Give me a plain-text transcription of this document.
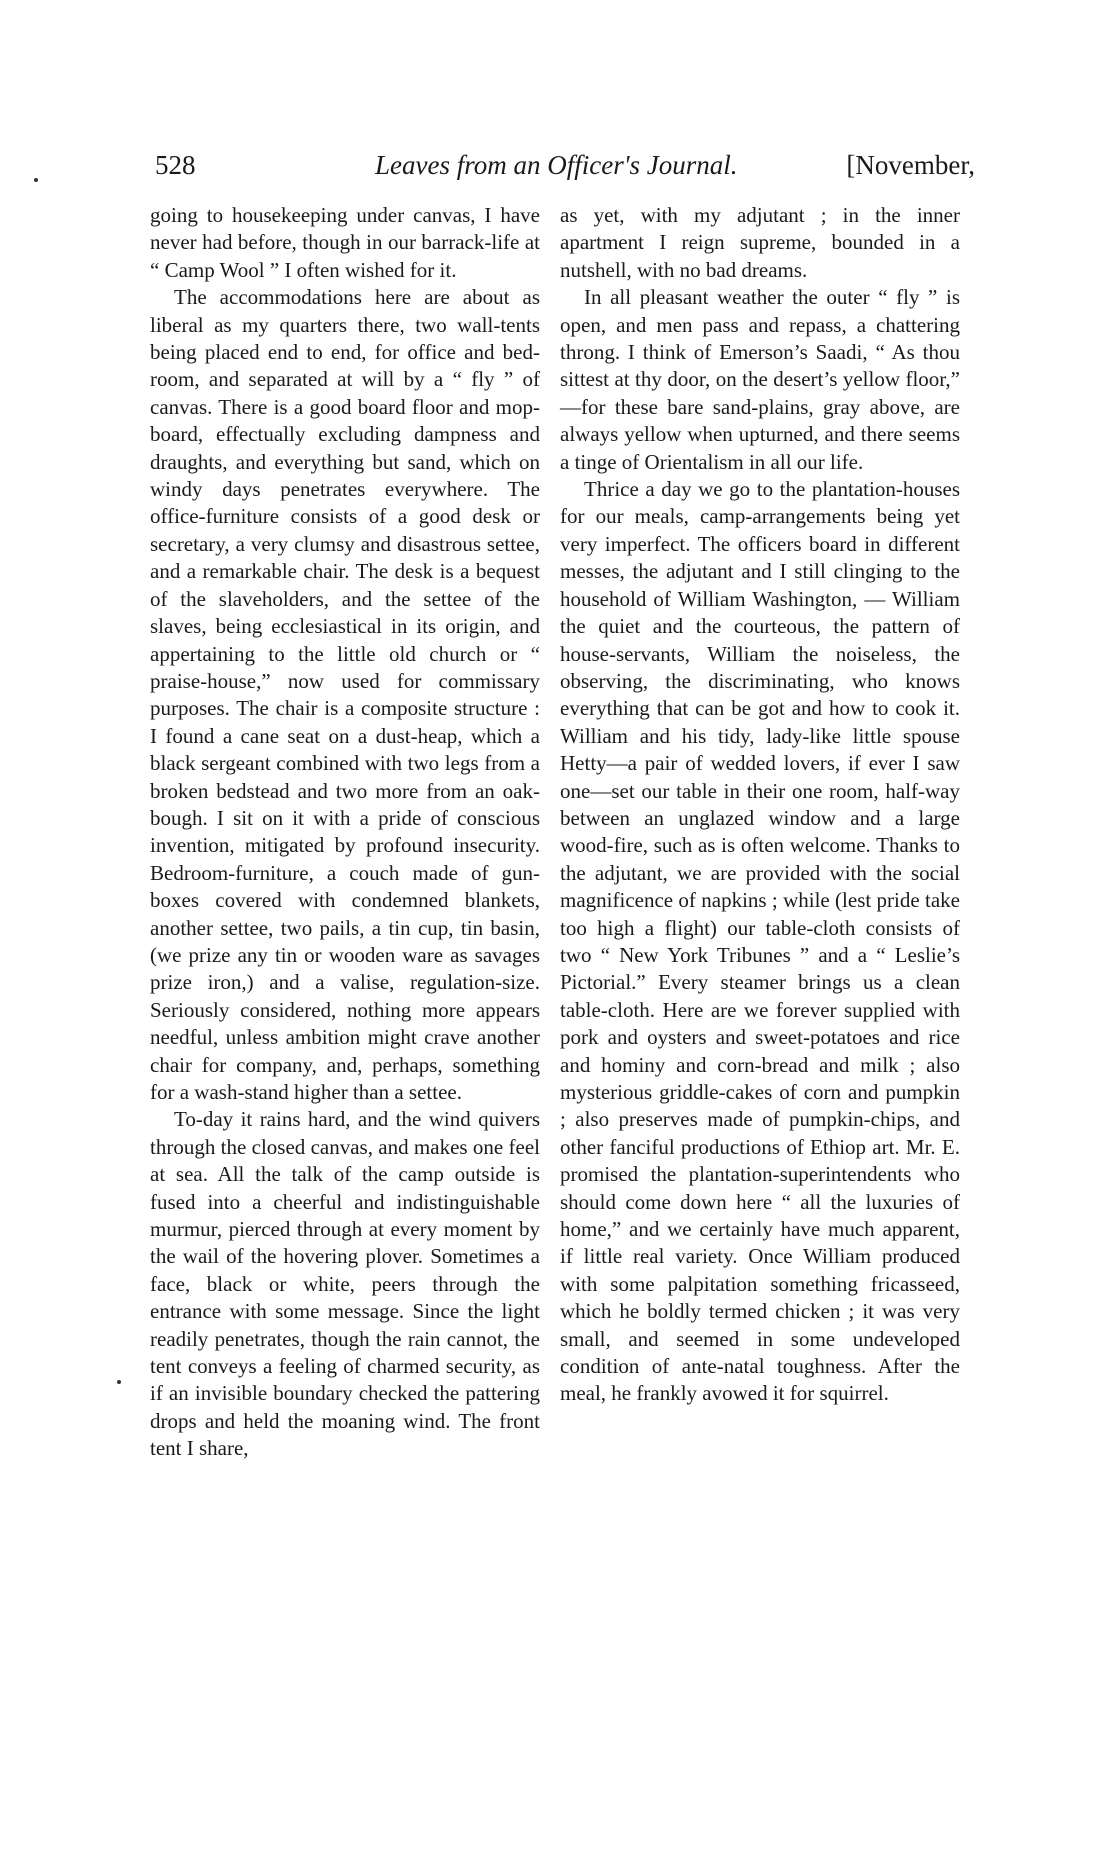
528	Leaves from an Officer's Journal.	[November,

going to housekeeping under canvas, I have never had before, though in our barrack-life at “ Camp Wool ” I often wished for it.

The accommodations here are about as liberal as my quarters there, two wall-tents being placed end to end, for office and bed-room, and separated at will by a “ fly ” of canvas. There is a good board floor and mop-board, effectually excluding dampness and draughts, and everything but sand, which on windy days penetrates everywhere. The office-furniture consists of a good desk or secretary, a very clumsy and disastrous settee, and a remarkable chair. The desk is a bequest of the slaveholders, and the settee of the slaves, being ecclesiastical in its origin, and appertaining to the little old church or “ praise-house,” now used for commissary purposes. The chair is a composite structure : I found a cane seat on a dust-heap, which a black sergeant combined with two legs from a broken bedstead and two more from an oak-bough. I sit on it with a pride of conscious invention, mitigated by profound insecurity. Bedroom-furniture, a couch made of gun-boxes covered with condemned blankets, another settee, two pails, a tin cup, tin basin, (we prize any tin or wooden ware as savages prize iron,) and a valise, regulation-size. Seriously considered, nothing more appears needful, unless ambition might crave another chair for company, and, perhaps, something for a wash-stand higher than a settee.

To-day it rains hard, and the wind quivers through the closed canvas, and makes one feel at sea. All the talk of the camp outside is fused into a cheerful and indistinguishable murmur, pierced through at every moment by the wail of the hovering plover. Sometimes a face, black or white, peers through the entrance with some message. Since the light readily penetrates, though the rain cannot, the tent conveys a feeling of charmed security, as if an invisible boundary checked the pattering drops and held the moaning wind. The front tent I share,

as yet, with my adjutant ; in the inner apartment I reign supreme, bounded in a nutshell, with no bad dreams.

In all pleasant weather the outer “ fly ” is open, and men pass and repass, a chattering throng. I think of Emerson’s Saadi, “ As thou sittest at thy door, on the desert’s yellow floor,” —for these bare sand-plains, gray above, are always yellow when upturned, and there seems a tinge of Orientalism in all our life.

Thrice a day we go to the plantation-houses for our meals, camp-arrangements being yet very imperfect. The officers board in different messes, the adjutant and I still clinging to the household of William Washington, — William the quiet and the courteous, the pattern of house-servants, William the noiseless, the observing, the discriminating, who knows everything that can be got and how to cook it. William and his tidy, lady-like little spouse Hetty—a pair of wedded lovers, if ever I saw one—set our table in their one room, half-way between an unglazed window and a large wood-fire, such as is often welcome. Thanks to the adjutant, we are provided with the social magnificence of napkins ; while (lest pride take too high a flight) our table-cloth consists of two “ New York Tribunes ” and a “ Leslie’s Pictorial.” Every steamer brings us a clean table-cloth. Here are we forever supplied with pork and oysters and sweet-potatoes and rice and hominy and corn-bread and milk ; also mysterious griddle-cakes of corn and pumpkin ; also preserves made of pumpkin-chips, and other fanciful productions of Ethiop art. Mr. E. promised the plantation-superintendents who should come down here “ all the luxuries of home,” and we certainly have much apparent, if little real variety. Once William produced with some palpitation something fricasseed, which he boldly termed chicken ; it was very small, and seemed in some undeveloped condition of ante-natal toughness. After the meal, he frankly avowed it for squirrel.
